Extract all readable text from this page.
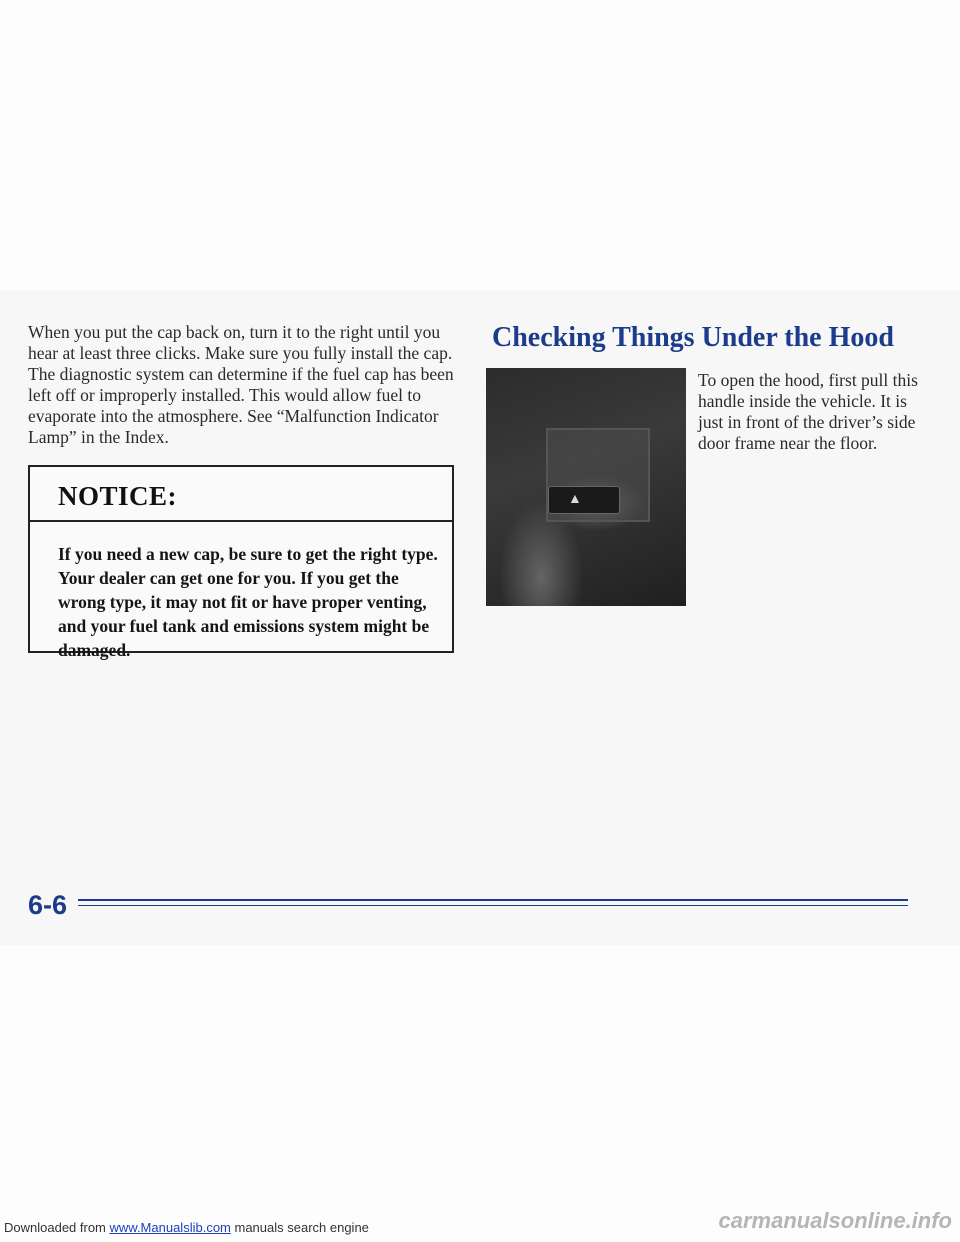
When you put the cap back on, turn it to the right until you hear at least three clicks. Make sure you fully install the cap. The diagnostic system can determine if the fuel cap has been left off or improperly installed. This would allow fuel to evaporate into the atmosphere. See “Malfunction Indicator Lamp” in the Index.

NOTICE:
If you need a new cap, be sure to get the right type. Your dealer can get one for you. If you get the wrong type, it may not fit or have proper venting, and your fuel tank and emissions system might be damaged.
Checking Things Under the Hood
▲

To open the hood, first pull this handle inside the vehicle. It is just in front of the driver’s side door frame near the floor.

6-6
Downloaded from www.Manualslib.com manuals search engine	carmanualsonline.info
